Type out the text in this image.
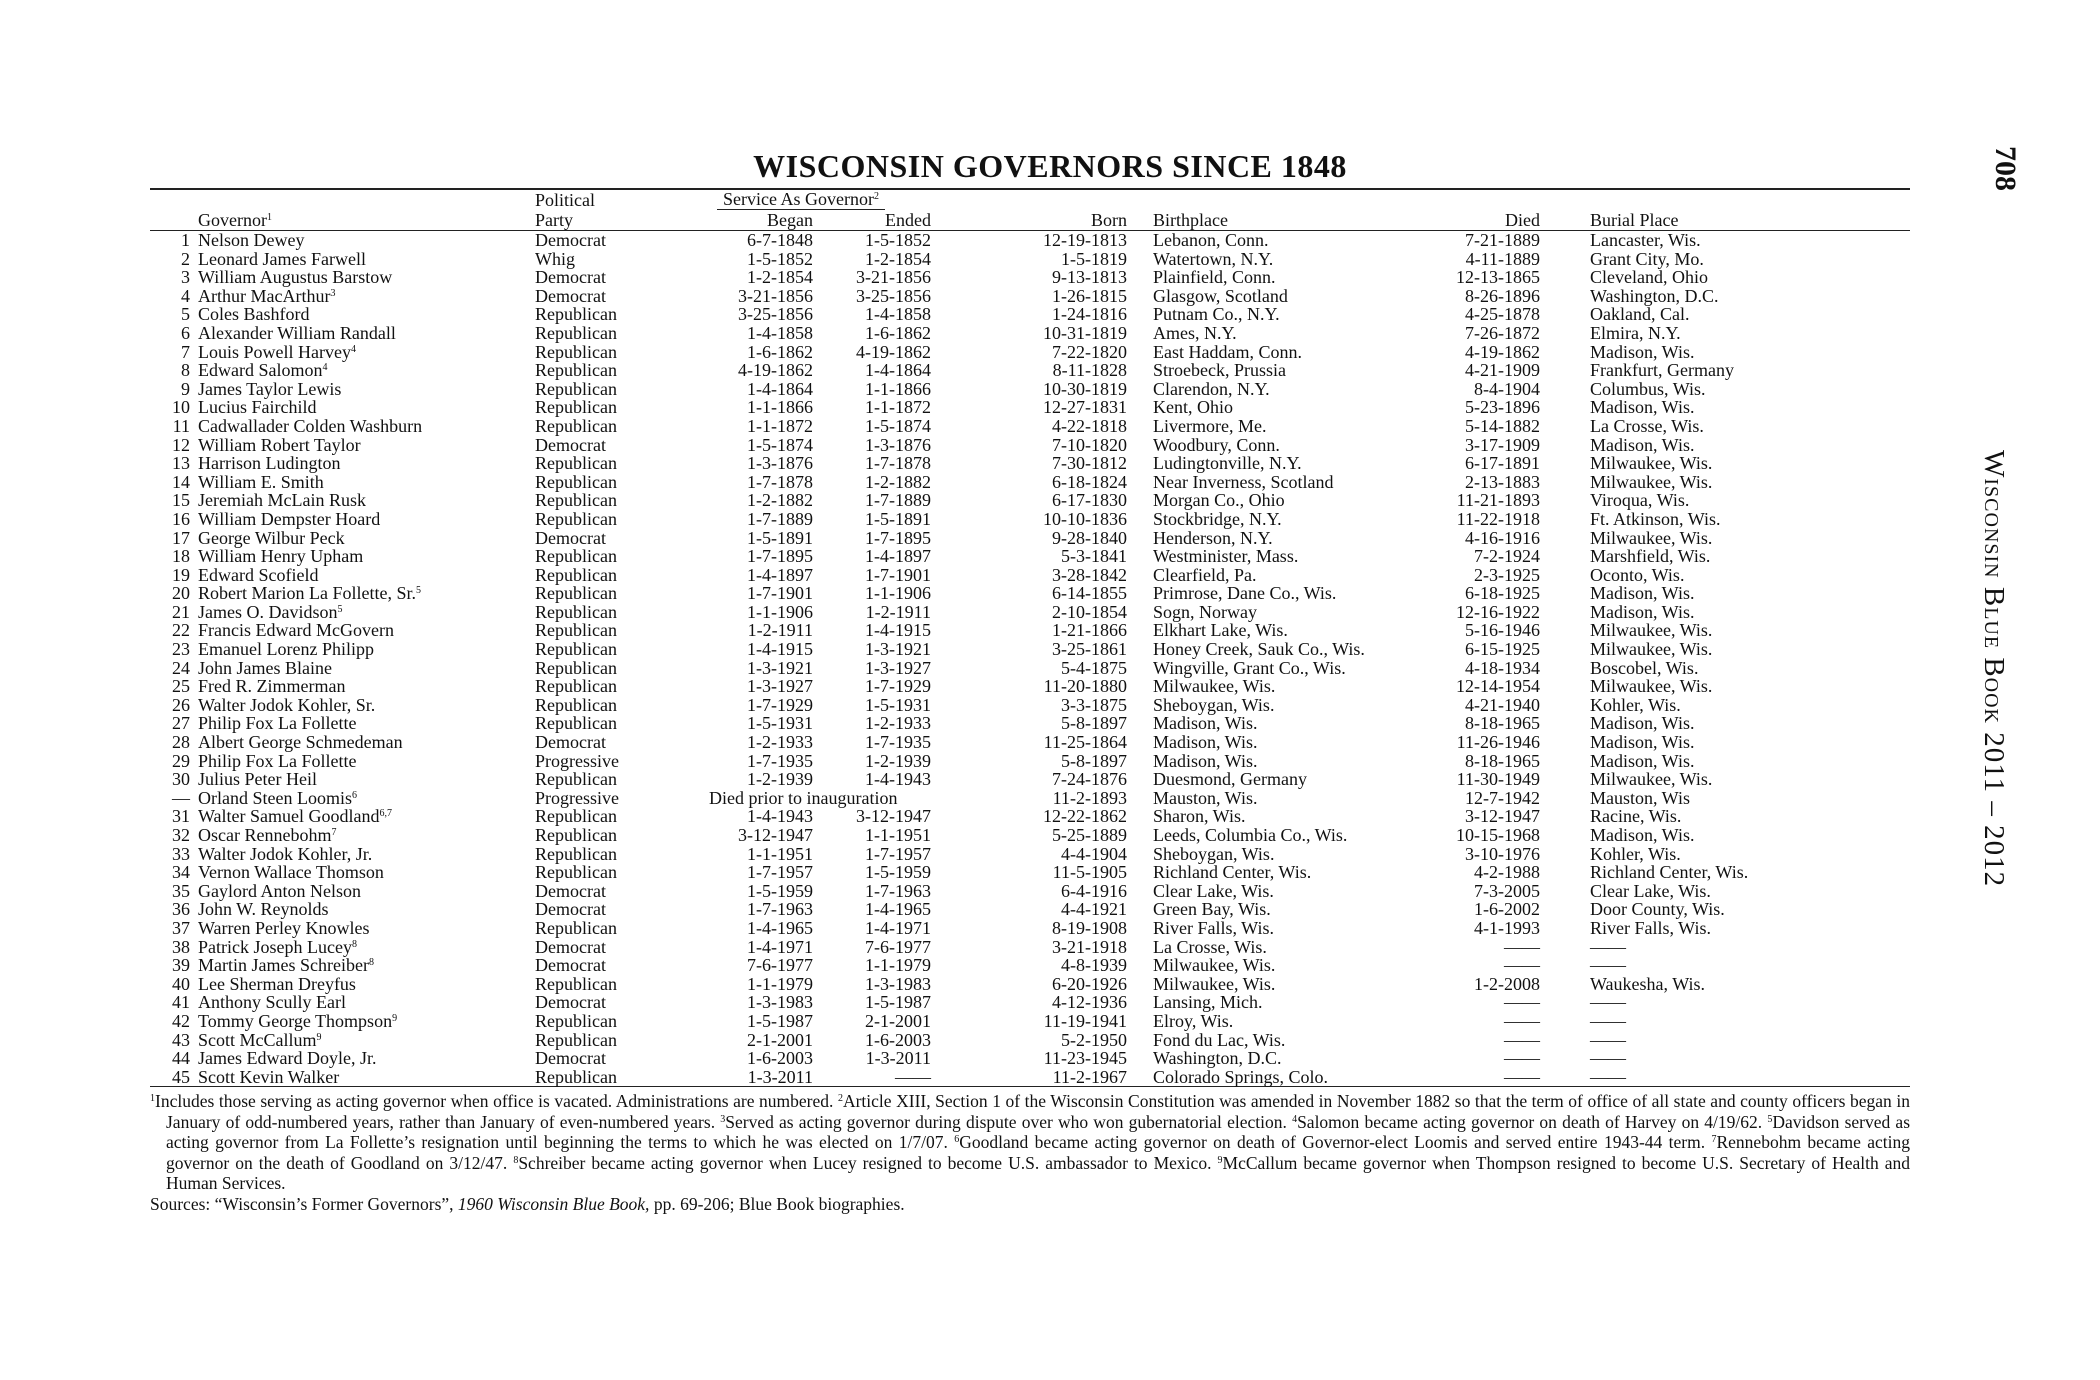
708
Wisconsin Blue Book 2011 – 2012
WISCONSIN GOVERNORS SINCE 1848
		Political	Service As Governor$^2$				
	Governor$^1$	Party	Began	Ended	Born	Birthplace	Died	Burial Place
1	Nelson Dewey	Democrat	6-7-1848	1-5-1852	12-19-1813	Lebanon, Conn.	7-21-1889	Lancaster, Wis.
2	Leonard James Farwell	Whig	1-5-1852	1-2-1854	1-5-1819	Watertown, N.Y.	4-11-1889	Grant City, Mo.
3	William Augustus Barstow	Democrat	1-2-1854	3-21-1856	9-13-1813	Plainfield, Conn.	12-13-1865	Cleveland, Ohio
4	Arthur MacArthur$^3$	Democrat	3-21-1856	3-25-1856	1-26-1815	Glasgow, Scotland	8-26-1896	Washington, D.C.
5	Coles Bashford	Republican	3-25-1856	1-4-1858	1-24-1816	Putnam Co., N.Y.	4-25-1878	Oakland, Cal.
6	Alexander William Randall	Republican	1-4-1858	1-6-1862	10-31-1819	Ames, N.Y.	7-26-1872	Elmira, N.Y.
7	Louis Powell Harvey$^4$	Republican	1-6-1862	4-19-1862	7-22-1820	East Haddam, Conn.	4-19-1862	Madison, Wis.
8	Edward Salomon$^4$	Republican	4-19-1862	1-4-1864	8-11-1828	Stroebeck, Prussia	4-21-1909	Frankfurt, Germany
9	James Taylor Lewis	Republican	1-4-1864	1-1-1866	10-30-1819	Clarendon, N.Y.	8-4-1904	Columbus, Wis.
10	Lucius Fairchild	Republican	1-1-1866	1-1-1872	12-27-1831	Kent, Ohio	5-23-1896	Madison, Wis.
11	Cadwallader Colden Washburn	Republican	1-1-1872	1-5-1874	4-22-1818	Livermore, Me.	5-14-1882	La Crosse, Wis.
12	William Robert Taylor	Democrat	1-5-1874	1-3-1876	7-10-1820	Woodbury, Conn.	3-17-1909	Madison, Wis.
13	Harrison Ludington	Republican	1-3-1876	1-7-1878	7-30-1812	Ludingtonville, N.Y.	6-17-1891	Milwaukee, Wis.
14	William E. Smith	Republican	1-7-1878	1-2-1882	6-18-1824	Near Inverness, Scotland	2-13-1883	Milwaukee, Wis.
15	Jeremiah McLain Rusk	Republican	1-2-1882	1-7-1889	6-17-1830	Morgan Co., Ohio	11-21-1893	Viroqua, Wis.
16	William Dempster Hoard	Republican	1-7-1889	1-5-1891	10-10-1836	Stockbridge, N.Y.	11-22-1918	Ft. Atkinson, Wis.
17	George Wilbur Peck	Democrat	1-5-1891	1-7-1895	9-28-1840	Henderson, N.Y.	4-16-1916	Milwaukee, Wis.
18	William Henry Upham	Republican	1-7-1895	1-4-1897	5-3-1841	Westminister, Mass.	7-2-1924	Marshfield, Wis.
19	Edward Scofield	Republican	1-4-1897	1-7-1901	3-28-1842	Clearfield, Pa.	2-3-1925	Oconto, Wis.
20	Robert Marion La Follette, Sr.$^5$	Republican	1-7-1901	1-1-1906	6-14-1855	Primrose, Dane Co., Wis.	6-18-1925	Madison, Wis.
21	James O. Davidson$^5$	Republican	1-1-1906	1-2-1911	2-10-1854	Sogn, Norway	12-16-1922	Madison, Wis.
22	Francis Edward McGovern	Republican	1-2-1911	1-4-1915	1-21-1866	Elkhart Lake, Wis.	5-16-1946	Milwaukee, Wis.
23	Emanuel Lorenz Philipp	Republican	1-4-1915	1-3-1921	3-25-1861	Honey Creek, Sauk Co., Wis.	6-15-1925	Milwaukee, Wis.
24	John James Blaine	Republican	1-3-1921	1-3-1927	5-4-1875	Wingville, Grant Co., Wis.	4-18-1934	Boscobel, Wis.
25	Fred R. Zimmerman	Republican	1-3-1927	1-7-1929	11-20-1880	Milwaukee, Wis.	12-14-1954	Milwaukee, Wis.
26	Walter Jodok Kohler, Sr.	Republican	1-7-1929	1-5-1931	3-3-1875	Sheboygan, Wis.	4-21-1940	Kohler, Wis.
27	Philip Fox La Follette	Republican	1-5-1931	1-2-1933	5-8-1897	Madison, Wis.	8-18-1965	Madison, Wis.
28	Albert George Schmedeman	Democrat	1-2-1933	1-7-1935	11-25-1864	Madison, Wis.	11-26-1946	Madison, Wis.
29	Philip Fox La Follette	Progressive	1-7-1935	1-2-1939	5-8-1897	Madison, Wis.	8-18-1965	Madison, Wis.
30	Julius Peter Heil	Republican	1-2-1939	1-4-1943	7-24-1876	Duesmond, Germany	11-30-1949	Milwaukee, Wis.
—	Orland Steen Loomis$^6$	Progressive	Died prior to inauguration		11-2-1893	Mauston, Wis.	12-7-1942	Mauston, Wis
31	Walter Samuel Goodland$^{6,7}$	Republican	1-4-1943	3-12-1947	12-22-1862	Sharon, Wis.	3-12-1947	Racine, Wis.
32	Oscar Rennebohm$^7$	Republican	3-12-1947	1-1-1951	5-25-1889	Leeds, Columbia Co., Wis.	10-15-1968	Madison, Wis.
33	Walter Jodok Kohler, Jr.	Republican	1-1-1951	1-7-1957	4-4-1904	Sheboygan, Wis.	3-10-1976	Kohler, Wis.
34	Vernon Wallace Thomson	Republican	1-7-1957	1-5-1959	11-5-1905	Richland Center, Wis.	4-2-1988	Richland Center, Wis.
35	Gaylord Anton Nelson	Democrat	1-5-1959	1-7-1963	6-4-1916	Clear Lake, Wis.	7-3-2005	Clear Lake, Wis.
36	John W. Reynolds	Democrat	1-7-1963	1-4-1965	4-4-1921	Green Bay, Wis.	1-6-2002	Door County, Wis.
37	Warren Perley Knowles	Republican	1-4-1965	1-4-1971	8-19-1908	River Falls, Wis.	4-1-1993	River Falls, Wis.
38	Patrick Joseph Lucey$^8$	Democrat	1-4-1971	7-6-1977	3-21-1918	La Crosse, Wis.	——	——
39	Martin James Schreiber$^8$	Democrat	7-6-1977	1-1-1979	4-8-1939	Milwaukee, Wis.	——	——
40	Lee Sherman Dreyfus	Republican	1-1-1979	1-3-1983	6-20-1926	Milwaukee, Wis.	1-2-2008	Waukesha, Wis.
41	Anthony Scully Earl	Democrat	1-3-1983	1-5-1987	4-12-1936	Lansing, Mich.	——	——
42	Tommy George Thompson$^9$	Republican	1-5-1987	2-1-2001	11-19-1941	Elroy, Wis.	——	——
43	Scott McCallum$^9$	Republican	2-1-2001	1-6-2003	5-2-1950	Fond du Lac, Wis.	——	——
44	James Edward Doyle, Jr.	Democrat	1-6-2003	1-3-2011	11-23-1945	Washington, D.C.	——	——
45	Scott Kevin Walker	Republican	1-3-2011	——	11-2-1967	Colorado Springs, Colo.	——	——

$^1$Includes those serving as acting governor when office is vacated. Administrations are numbered. $^2$Article XIII, Section 1 of the Wisconsin Constitution was amended in November 1882 so that the term of office of all state and county officers began in January of odd-numbered years, rather than January of even-numbered years. $^3$Served as acting governor during dispute over who won gubernatorial election. $^4$Salomon became acting governor on death of Harvey on 4/19/62. $^5$Davidson served as acting governor from La Follette’s resignation until beginning the terms to which he was elected on 1/7/07. $^6$Goodland became acting governor on death of Governor-elect Loomis and served entire 1943-44 term. $^7$Rennebohm became acting governor on the death of Goodland on 3/12/47. $^8$Schreiber became acting governor when Lucey resigned to become U.S. ambassador to Mexico. $^9$McCallum became governor when Thompson resigned to become U.S. Secretary of Health and Human Services.

Sources: “Wisconsin’s Former Governors”, 1960 Wisconsin Blue Book, pp. 69-206; Blue Book biographies.
